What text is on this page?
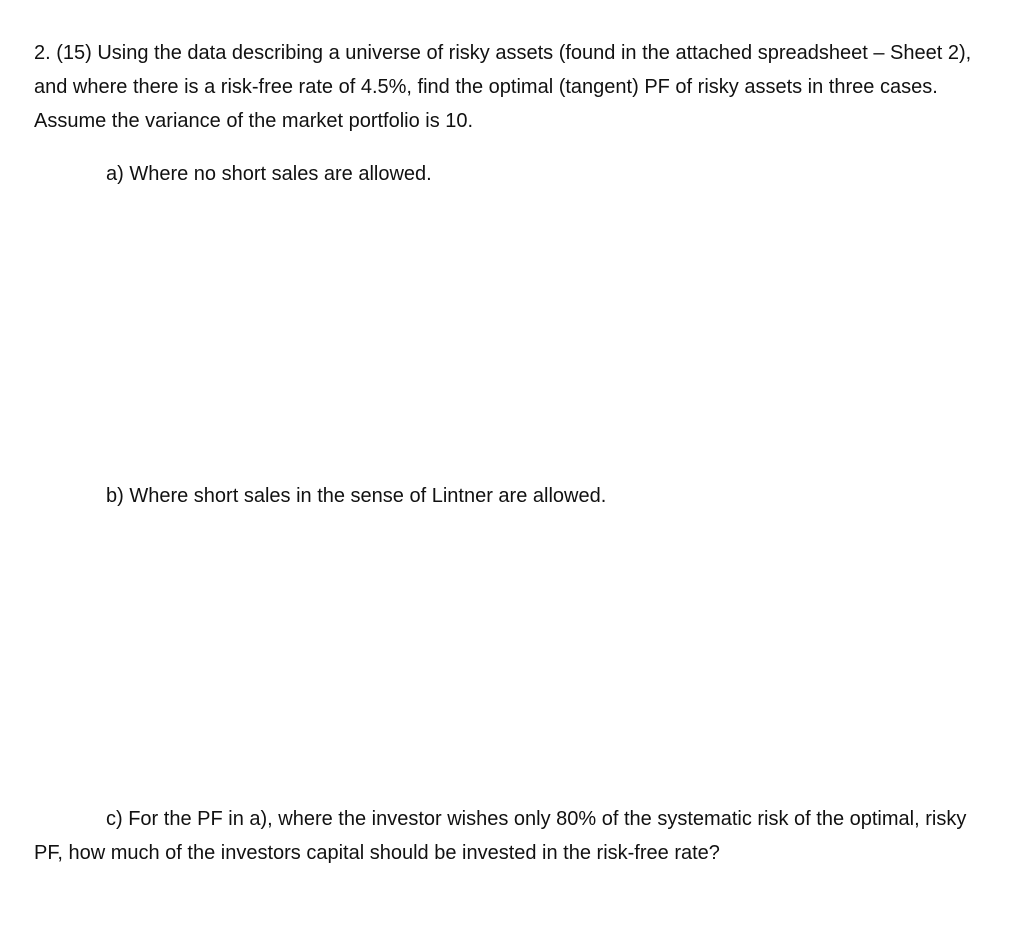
2. (15) Using the data describing a universe of risky assets (found in the attached spreadsheet – Sheet 2), and where there is a risk-free rate of 4.5%, find the optimal (tangent) PF of risky assets in three cases. Assume the variance of the market portfolio is 10.

a) Where no short sales are allowed.

b) Where short sales in the sense of Lintner are allowed.

c) For the PF in a), where the investor wishes only 80% of the systematic risk of the optimal, risky PF, how much of the investors capital should be invested in the risk-free rate?
